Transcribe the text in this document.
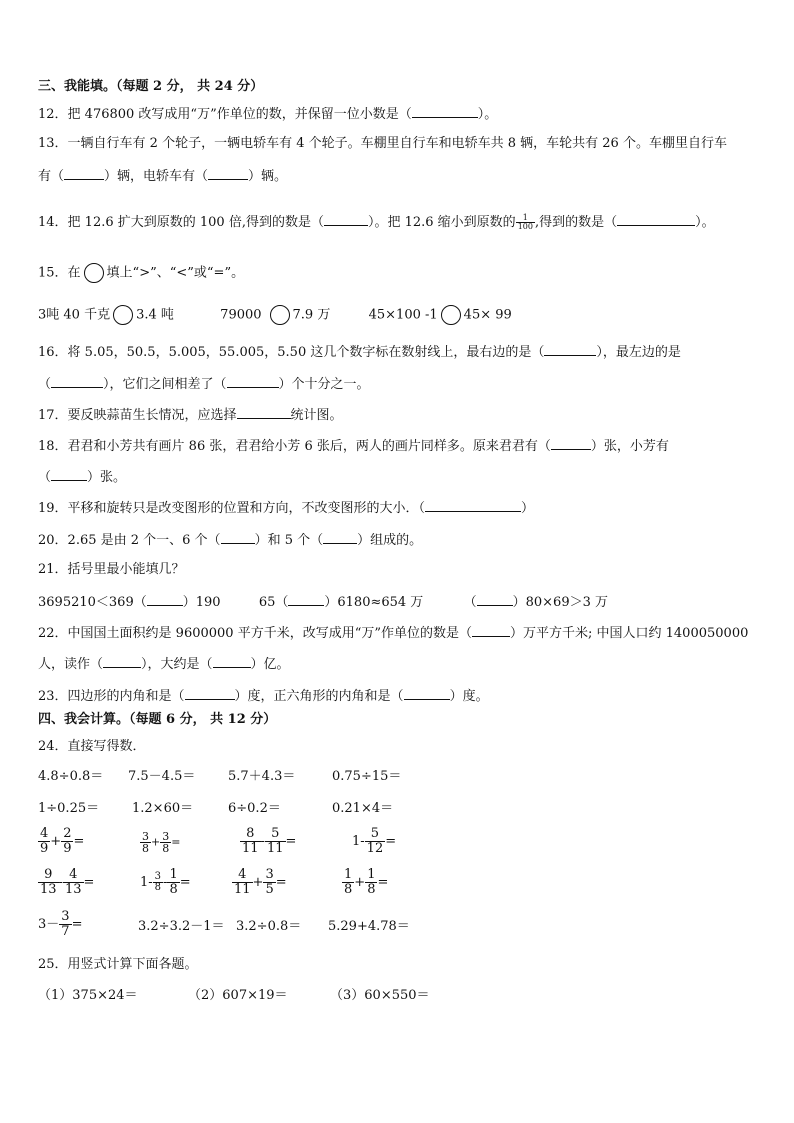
三、我能填。（每题 2 分， 共 24 分）
12．把 476800 改写成用“万”作单位的数，并保留一位小数是（	）。
13．一辆自行车有 2 个轮子，一辆电轿车有 4 个轮子。车棚里自行车和电轿车共 8 辆，车轮共有 26 个。车棚里自行车
有（	）辆，电轿车有（	）辆。
14．把 12.6 扩大到原数的 100 倍,得到的数是（	）。把 12.6 缩小到原数的 $\frac{1}{100}$ ,得到的数是（	）。
15．在 填上“>”、“<”或“=”。
3吨 40 千克 3.4 吨	79000 7.9 万	45×100 -1 45× 99
16．将 5.05，50.5，5.005，55.005，5.50 这几个数字标在数射线上，最右边的是（	），最左边的是
（	），它们之间相差了（	）个十分之一。
17．要反映蒜苗生长情况，应选择	统计图。
18．君君和小芳共有画片 86 张，君君给小芳 6 张后，两人的画片同样多。原来君君有（	）张，小芳有
（	）张。
19．平移和旋转只是改变图形的位置和方向，不改变图形的大小．（	）
20．2.65 是由 2 个一、6 个（	）和 5 个（	）组成的。
21．括号里最小能填几？
3695210＜369（	）190	65（	）6180≈654 万	（	）80×69＞3 万
22．中国国土面积约是 9600000 平方千米，改写成用“万”作单位的数是（	）万平方千米; 中国人口约 1400050000
人，读作（	），大约是（	）亿。
23．四边形的内角和是（	）度，正六角形的内角和是（	）度。
四、我会计算。（每题 6 分， 共 12 分）
24．直接写得数．
4.8÷0.8＝ 7.5－4.5＝	5.7＋4.3＝	0.75÷15＝
1÷0.25＝	1.2×60＝	6÷0.2＝	0.21×4＝
$\frac{4}{9} + \frac{2}{9}$ =	$\frac{3}{8} + \frac{3}{8}$ =	$\frac{8}{11} - \frac{5}{11}$ =	$1- \frac{5}{12}$ =
$\frac{9}{13} - \frac{4}{13}$ =	$1- \frac{3}{8} - \frac{1}{8}$ =	$\frac{4}{11} + \frac{3}{5}$ =	$\frac{1}{8} + \frac{1}{8}$ =
$3- \frac{3}{7}$ =	3.2÷3.2－1＝ 3.2÷0.8＝ 5.29+4.78＝
25．用竖式计算下面各题。
（1）375×24＝	（2）607×19＝	（3）60×550＝
